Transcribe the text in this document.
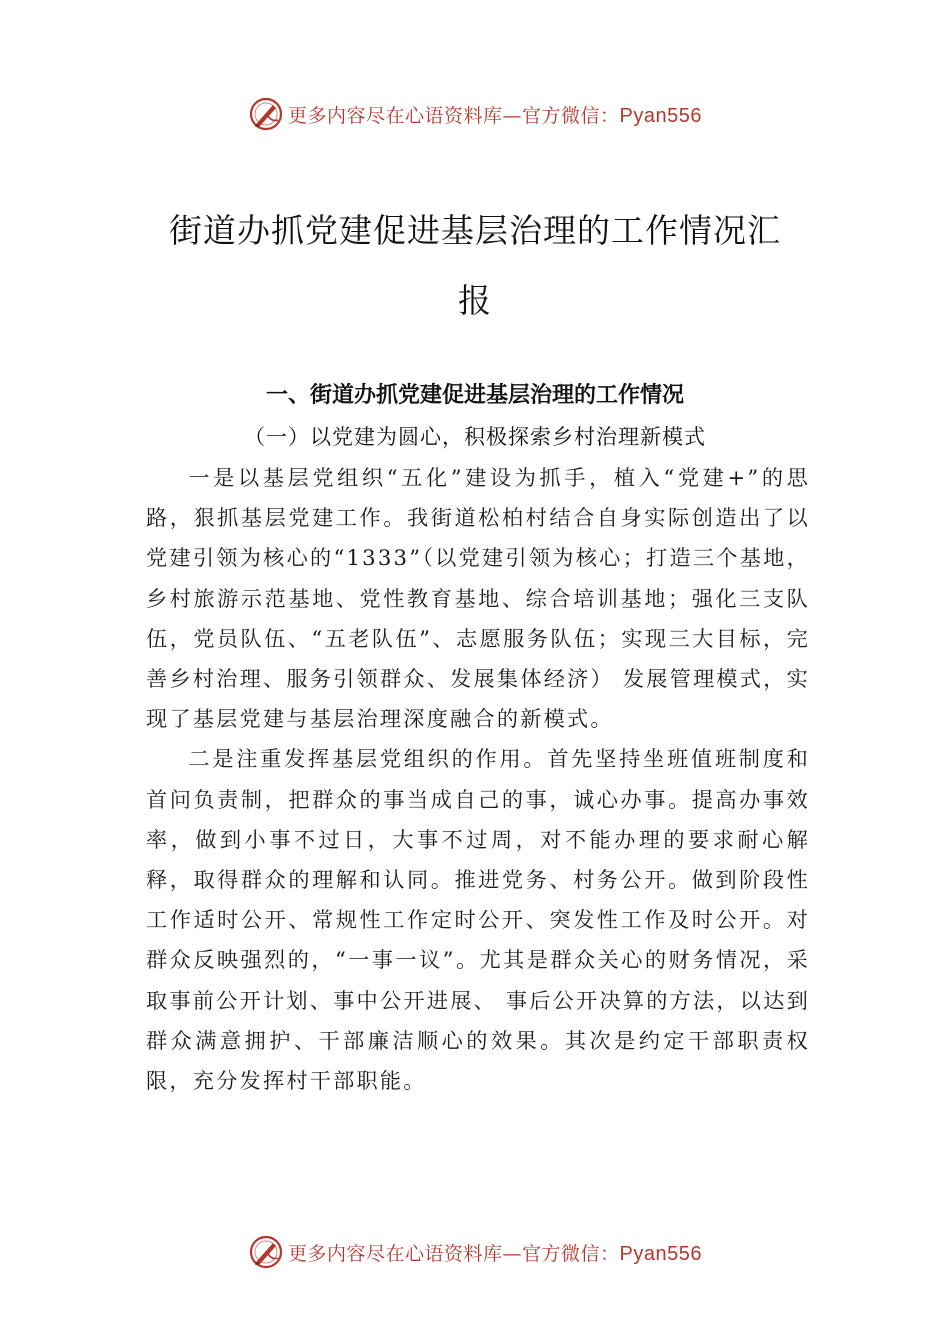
更多内容尽在心语资料库—官方微信：Pyan556
街道办抓党建促进基层治理的工作情况汇
报
一、街道办抓党建促进基层治理的工作情况
（一）以党建为圆心，积极探索乡村治理新模式

一是以基层党组织“五化”建设为抓手，植入“党建+”的思路，狠抓基层党建工作。我街道松柏村结合自身实际创造出了以党建引领为核心的“1333”（以党建引领为核心；打造三个基地，乡村旅游示范基地、党性教育基地、综合培训基地；强化三支队伍，党员队伍、“五老队伍”、志愿服务队伍；实现三大目标，完善乡村治理、服务引领群众、发展集体经济） 发展管理模式，实现了基层党建与基层治理深度融合的新模式。

二是注重发挥基层党组织的作用。首先坚持坐班值班制度和首问负责制，把群众的事当成自己的事，诚心办事。提高办事效率，做到小事不过日，大事不过周，对不能办理的要求耐心解释，取得群众的理解和认同。推进党务、村务公开。做到阶段性工作适时公开、常规性工作定时公开、突发性工作及时公开。对群众反映强烈的，“一事一议”。尤其是群众关心的财务情况，采取事前公开计划、事中公开进展、 事后公开决算的方法，以达到群众满意拥护、干部廉洁顺心的效果。其次是约定干部职责权限，充分发挥村干部职能。

更多内容尽在心语资料库—官方微信：Pyan556
